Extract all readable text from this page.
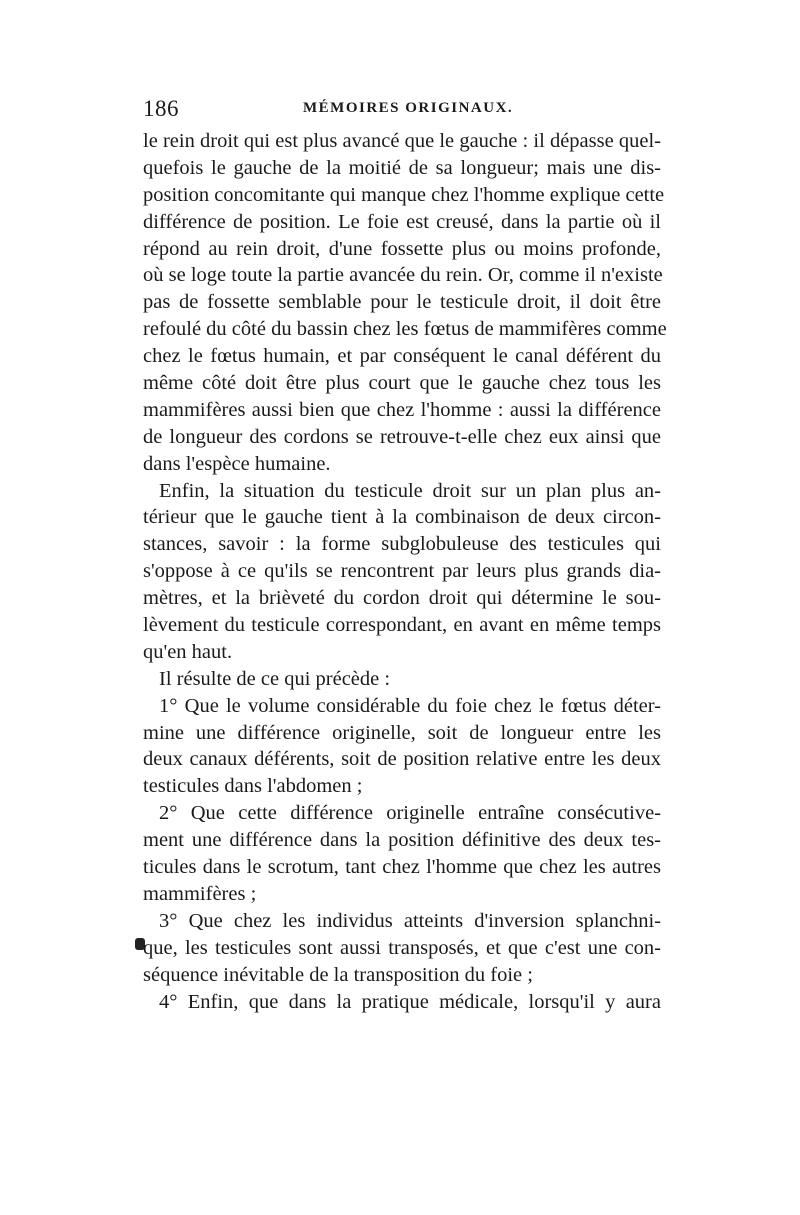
186	MÉMOIRES ORIGINAUX.
le rein droit qui est plus avancé que le gauche : il dépasse quel-
quefois le gauche de la moitié de sa longueur; mais une dis-
position concomitante qui manque chez l'homme explique cette
différence de position. Le foie est creusé, dans la partie où il
répond au rein droit, d'une fossette plus ou moins profonde,
où se loge toute la partie avancée du rein. Or, comme il n'existe
pas de fossette semblable pour le testicule droit, il doit être
refoulé du côté du bassin chez les fœtus de mammifères comme
chez le fœtus humain, et par conséquent le canal déférent du
même côté doit être plus court que le gauche chez tous les
mammifères aussi bien que chez l'homme : aussi la différence
de longueur des cordons se retrouve-t-elle chez eux ainsi que
dans l'espèce humaine.
Enfin, la situation du testicule droit sur un plan plus an-
térieur que le gauche tient à la combinaison de deux circon-
stances, savoir : la forme subglobuleuse des testicules qui
s'oppose à ce qu'ils se rencontrent par leurs plus grands dia-
mètres, et la brièveté du cordon droit qui détermine le sou-
lèvement du testicule correspondant, en avant en même temps
qu'en haut.
Il résulte de ce qui précède :
1° Que le volume considérable du foie chez le fœtus déter-
mine une différence originelle, soit de longueur entre les
deux canaux déférents, soit de position relative entre les deux
testicules dans l'abdomen ;
2° Que cette différence originelle entraîne consécutive-
ment une différence dans la position définitive des deux tes-
ticules dans le scrotum, tant chez l'homme que chez les autres
mammifères ;
3° Que chez les individus atteints d'inversion splanchni-
que, les testicules sont aussi transposés, et que c'est une con-
séquence inévitable de la transposition du foie ;
4° Enfin, que dans la pratique médicale, lorsqu'il y aura
